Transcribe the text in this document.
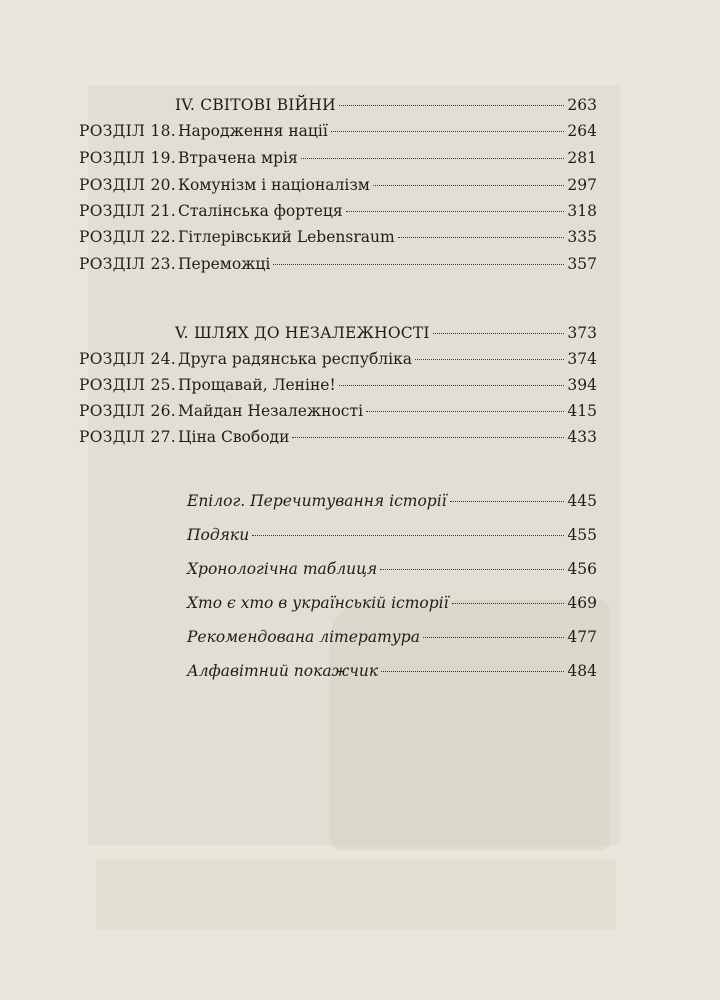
IV. СВІТОВІ ВІЙНИ	263
РОЗДІЛ 18. Народження нації	264
РОЗДІЛ 19. Втрачена мрія	281
РОЗДІЛ 20. Комунізм і націоналізм	297
РОЗДІЛ 21. Сталінська фортеця	318
РОЗДІЛ 22. Гітлерівський Lebensraum	335
РОЗДІЛ 23. Переможці	357
V. ШЛЯХ ДО НЕЗАЛЕЖНОСТІ	373
РОЗДІЛ 24. Друга радянська республіка	374
РОЗДІЛ 25. Прощавай, Леніне!	394
РОЗДІЛ 26. Майдан Незалежності	415
РОЗДІЛ 27. Ціна Свободи	433
Епілог. Перечитування історії	445
Подяки	455
Хронологічна таблиця	456
Хто є хто в українській історії	469
Рекомендована література	477
Алфавітний покажчик	484
